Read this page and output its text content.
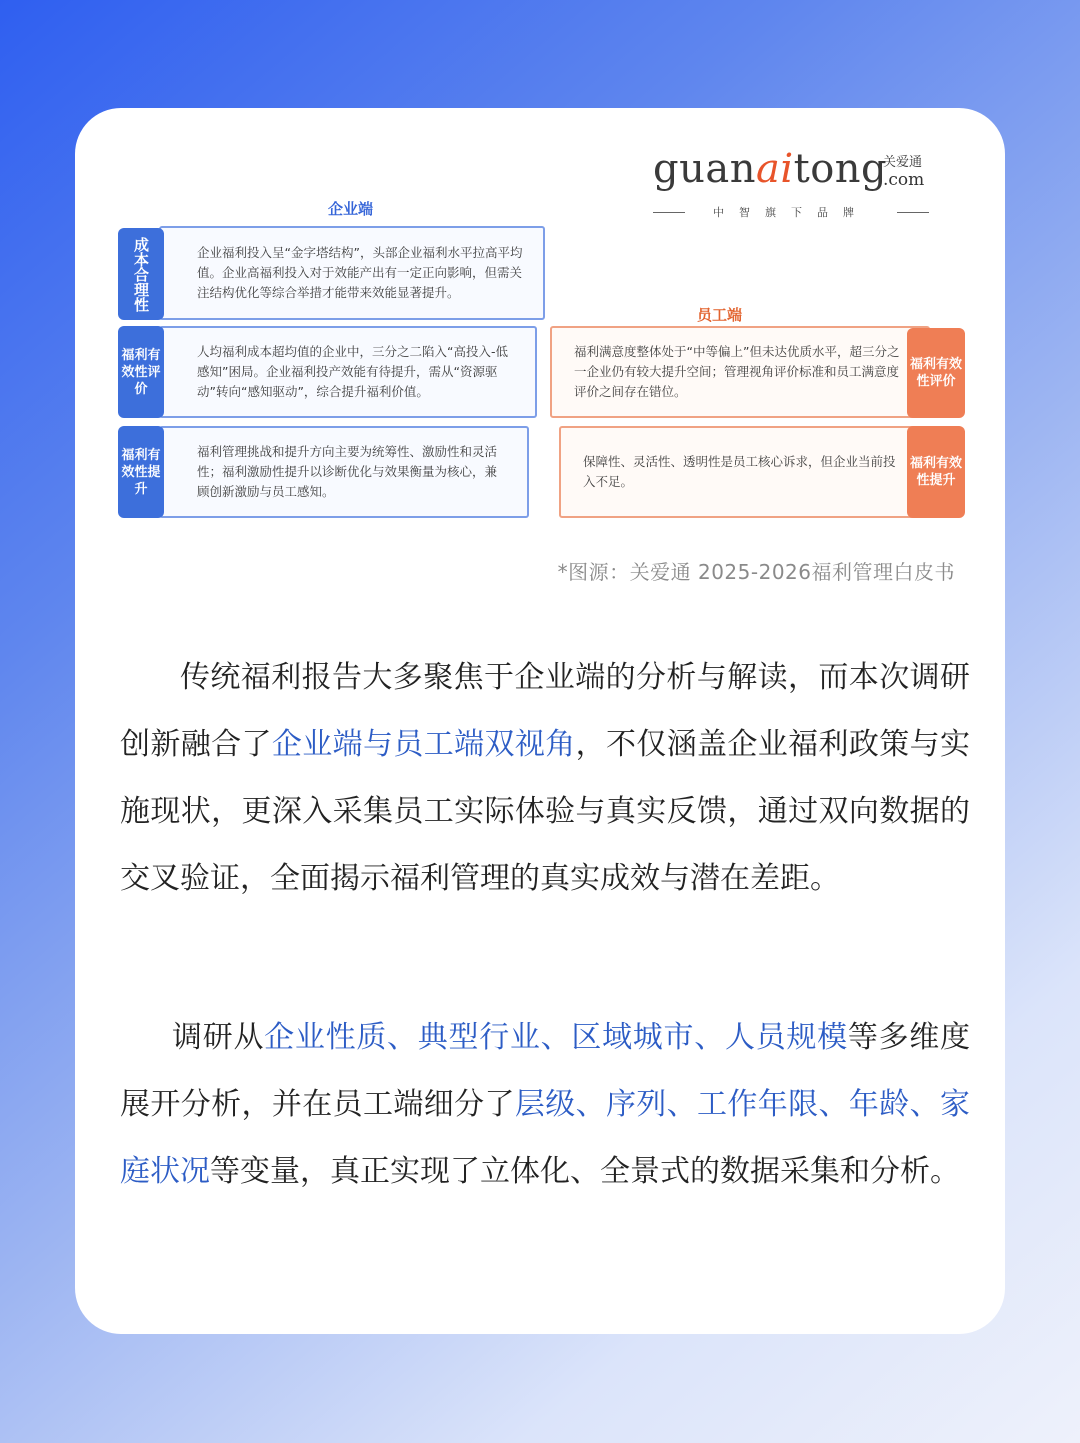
guanaitong
关爱通
.com
中智旗下品牌
企业端
企业福利投入呈“金字塔结构”，头部企业福利水平拉高平均值。企业高福利投入对于效能产出有一定正向影响，但需关注结构优化等综合举措才能带来效能显著提升。
成本合理性
人均福利成本超均值的企业中，三分之二陷入“高投入-低感知”困局。企业福利投产效能有待提升，需从“资源驱动”转向“感知驱动”，综合提升福利价值。
福利有效性评价
福利管理挑战和提升方向主要为统筹性、激励性和灵活性；福利激励性提升以诊断优化与效果衡量为核心，兼顾创新激励与员工感知。
福利有效性提升
员工端
福利满意度整体处于“中等偏上”但未达优质水平，超三分之一企业仍有较大提升空间；管理视角评价标准和员工满意度评价之间存在错位。
福利有效性评价
保障性、灵活性、透明性是员工核心诉求，但企业当前投入不足。
福利有效性提升
*图源：关爱通 2025-2026福利管理白皮书

传统福利报告大多聚焦于企业端的分析与解读，而本次调研创新融合了企业端与员工端双视角，不仅涵盖企业福利政策与实施现状，更深入采集员工实际体验与真实反馈，通过双向数据的交叉验证，全面揭示福利管理的真实成效与潜在差距。

调研从企业性质、典型行业、区域城市、人员规模等多维度展开分析，并在员工端细分了层级、序列、工作年限、年龄、家庭状况等变量，真正实现了立体化、全景式的数据采集和分析。
